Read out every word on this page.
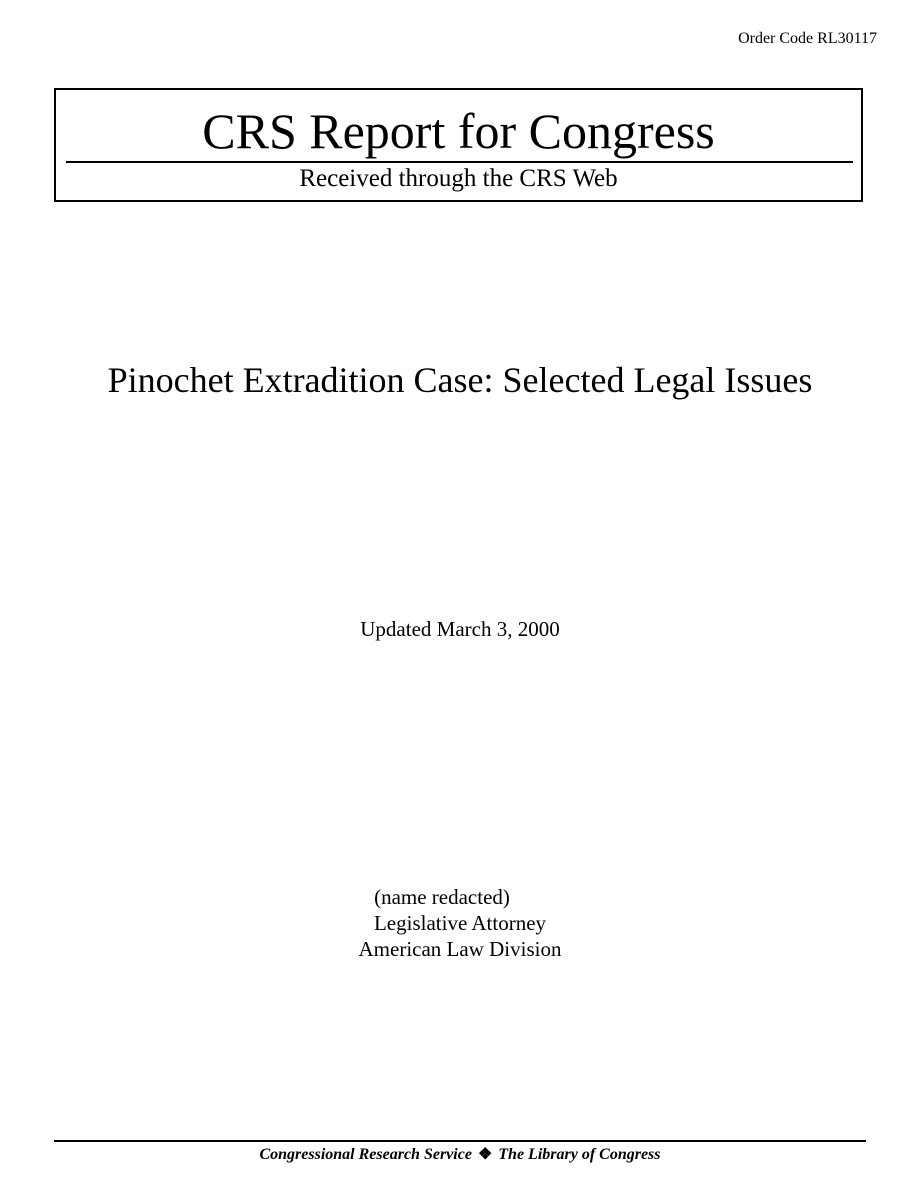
Order Code RL30117
CRS Report for Congress
Received through the CRS Web
Pinochet Extradition Case: Selected Legal Issues
Updated March 3, 2000
(name redacted)
Legislative Attorney
American Law Division
Congressional Research Service ❖ The Library of Congress
